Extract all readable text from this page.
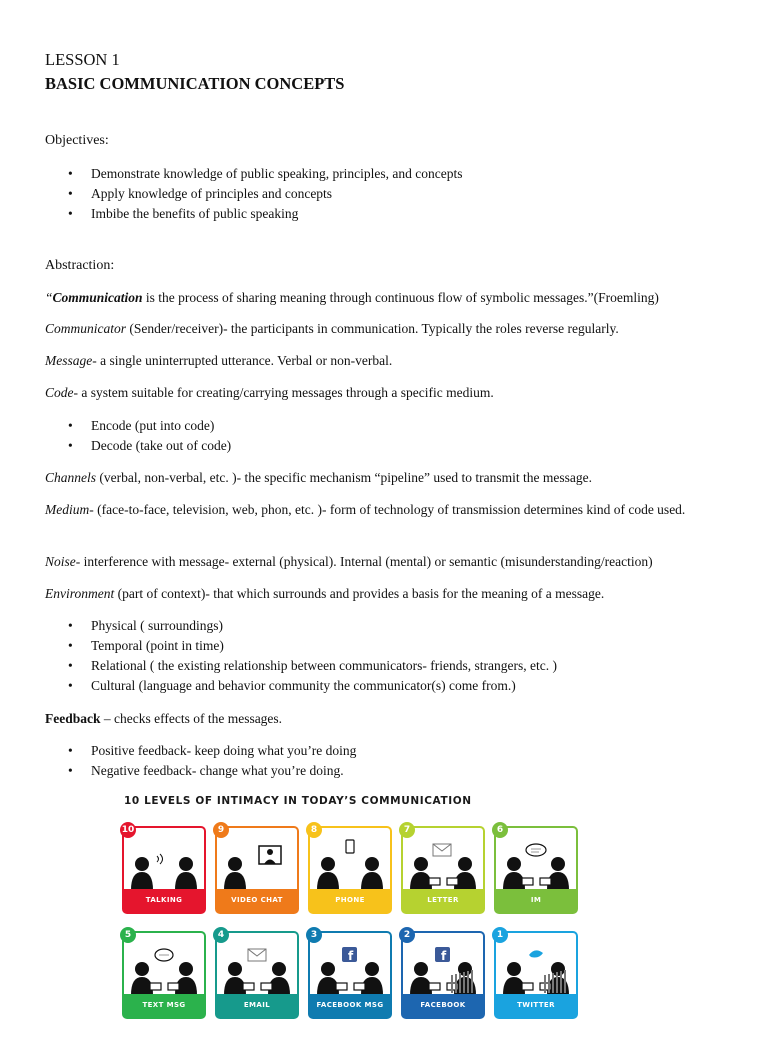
LESSON 1
BASIC COMMUNICATION CONCEPTS
Objectives:
• Demonstrate knowledge of public speaking, principles, and concepts
• Apply knowledge of principles and concepts
• Imbibe the benefits of public speaking
Abstraction:
“Communication is the process of sharing meaning through continuous flow of symbolic messages.”(Froemling)
Communicator (Sender/receiver)- the participants in communication. Typically the roles reverse regularly.
Message- a single uninterrupted utterance. Verbal or non-verbal.
Code- a system suitable for creating/carrying messages through a specific medium.
• Encode (put into code)
• Decode (take out of code)
Channels (verbal, non-verbal, etc. )- the specific mechanism “pipeline” used to transmit the message.
Medium- (face-to-face, television, web, phon, etc. )- form of technology of transmission determines kind of code used.
Noise- interference with message- external (physical). Internal (mental) or semantic (misunderstanding/reaction)
Environment (part of context)- that which surrounds and provides a basis for the meaning of a message.
• Physical ( surroundings)
• Temporal (point in time)
• Relational ( the existing relationship between communicators- friends, strangers, etc. )
• Cultural (language and behavior community the communicator(s) come from.)
Feedback – checks effects of the messages.
• Positive feedback- keep doing what you’re doing
• Negative feedback- change what you’re doing.
10 LEVELS OF INTIMACY IN TODAY’S COMMUNICATION
TALKING
10
VIDEO CHAT
9
PHONE
8
LETTER
7
IM
6
TEXT MSG
5
EMAIL
4
f
FACEBOOK MSG
3
f
FACEBOOK STATUS
2
TWITTER
1
